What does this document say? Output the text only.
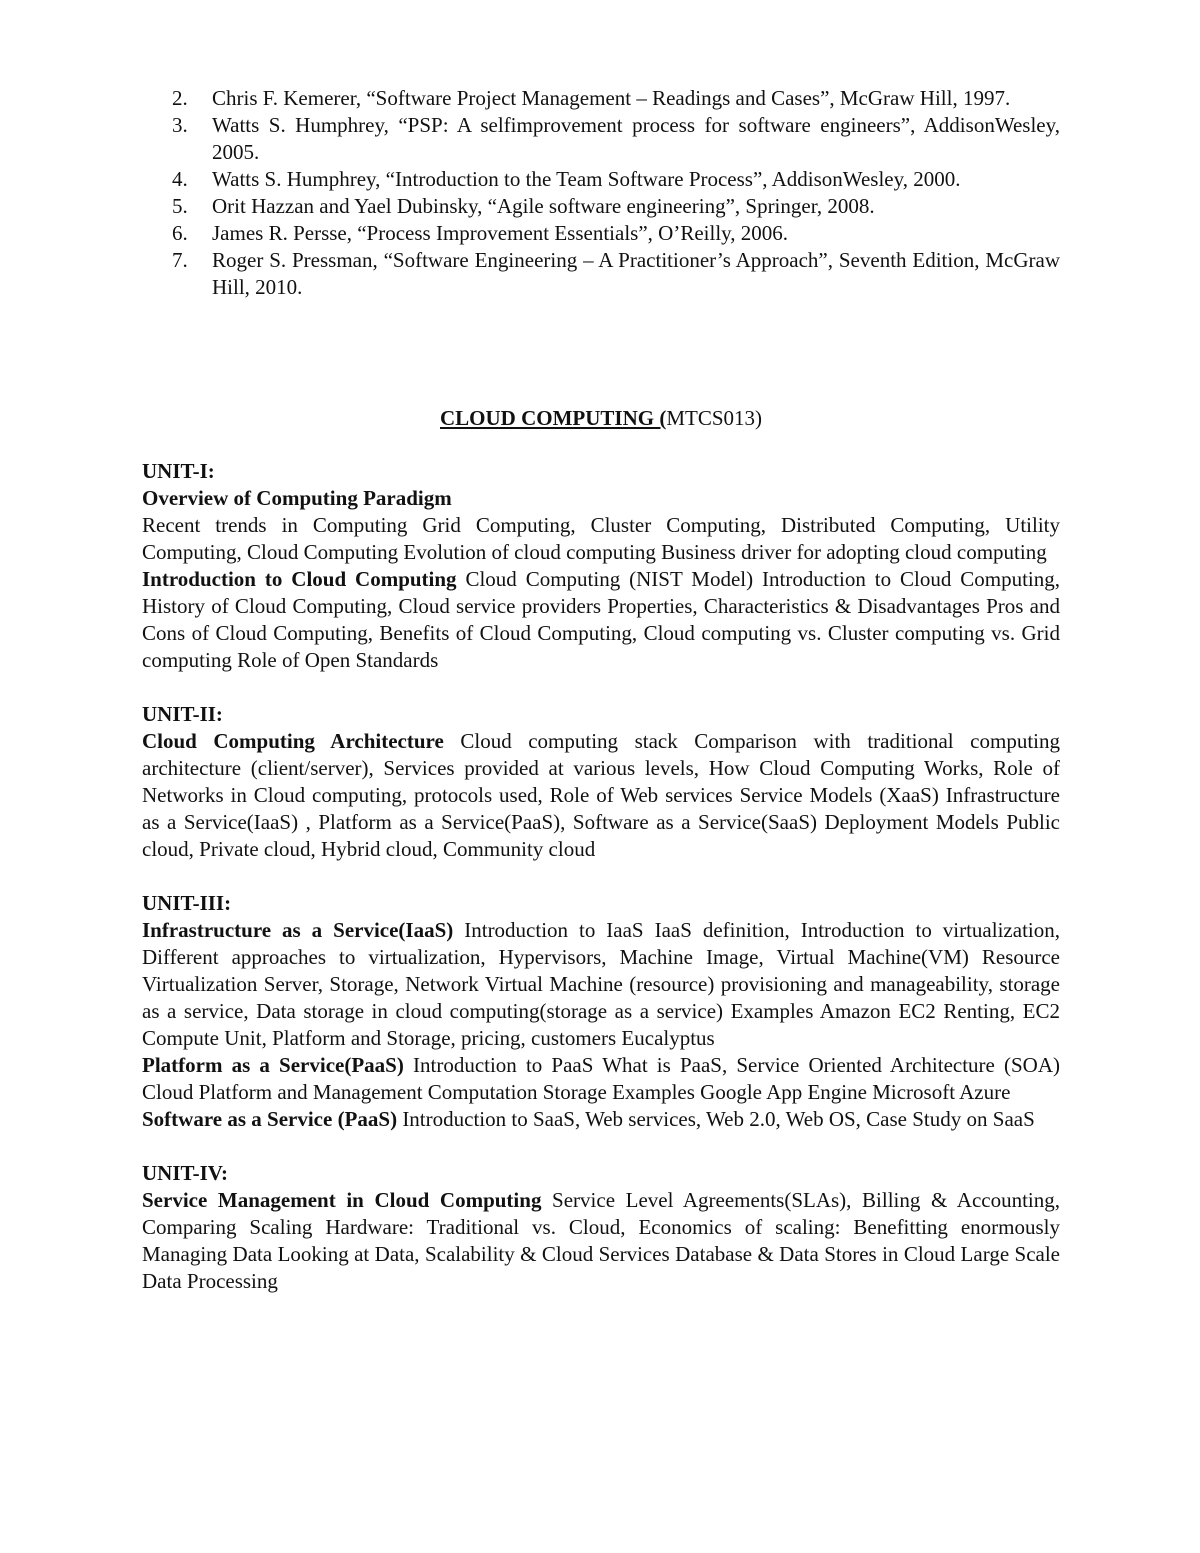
2. Chris F. Kemerer, “Software Project Management – Readings and Cases”, McGraw Hill, 1997.
3. Watts S. Humphrey, “PSP: A selfimprovement process for software engineers”, AddisonWesley, 2005.
4. Watts S. Humphrey, “Introduction to the Team Software Process”, AddisonWesley, 2000.
5. Orit Hazzan and Yael Dubinsky, “Agile software engineering”, Springer, 2008.
6. James R. Persse, “Process Improvement Essentials”, O’Reilly, 2006.
7. Roger S. Pressman, “Software Engineering – A Practitioner’s Approach”, Seventh Edition, McGraw Hill, 2010.
CLOUD COMPUTING (MTCS013)

UNIT-I:

Overview of Computing Paradigm

Recent trends in Computing Grid Computing, Cluster Computing, Distributed Computing, Utility Computing, Cloud Computing Evolution of cloud computing Business driver for adopting cloud computing

Introduction to Cloud Computing Cloud Computing (NIST Model) Introduction to Cloud Computing, History of Cloud Computing, Cloud service providers Properties, Characteristics & Disadvantages Pros and Cons of Cloud Computing, Benefits of Cloud Computing, Cloud computing vs. Cluster computing vs. Grid computing Role of Open Standards

UNIT-II:

Cloud Computing Architecture Cloud computing stack Comparison with traditional computing architecture (client/server), Services provided at various levels, How Cloud Computing Works, Role of Networks in Cloud computing, protocols used, Role of Web services Service Models (XaaS) Infrastructure as a Service(IaaS) , Platform as a Service(PaaS), Software as a Service(SaaS) Deployment Models Public cloud, Private cloud, Hybrid cloud, Community cloud

UNIT-III:

Infrastructure as a Service(IaaS) Introduction to IaaS IaaS definition, Introduction to virtualization, Different approaches to virtualization, Hypervisors, Machine Image, Virtual Machine(VM) Resource Virtualization Server, Storage, Network Virtual Machine (resource) provisioning and manageability, storage as a service, Data storage in cloud computing(storage as a service) Examples Amazon EC2 Renting, EC2 Compute Unit, Platform and Storage, pricing, customers Eucalyptus

Platform as a Service(PaaS) Introduction to PaaS What is PaaS, Service Oriented Architecture (SOA) Cloud Platform and Management Computation Storage Examples Google App Engine Microsoft Azure

Software as a Service (PaaS) Introduction to SaaS, Web services, Web 2.0, Web OS, Case Study on SaaS

UNIT-IV:

Service Management in Cloud Computing Service Level Agreements(SLAs), Billing & Accounting, Comparing Scaling Hardware: Traditional vs. Cloud, Economics of scaling: Benefitting enormously Managing Data Looking at Data, Scalability & Cloud Services Database & Data Stores in Cloud Large Scale Data Processing
